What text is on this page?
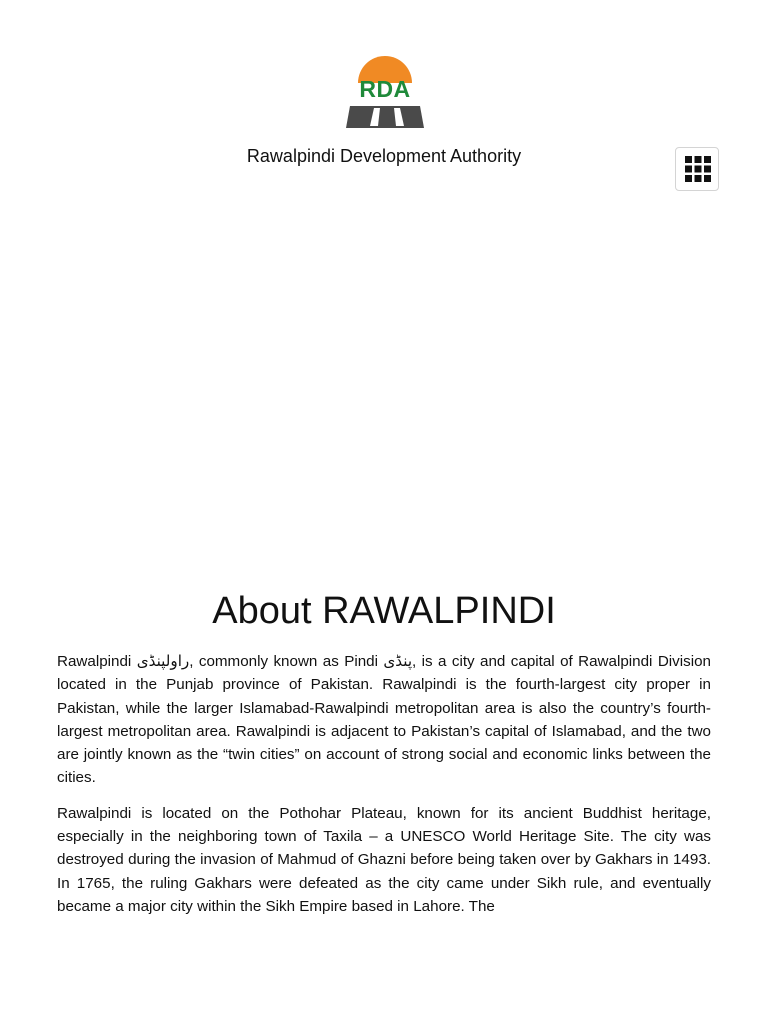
RDA
Rawalpindi Development Authority
About RAWALPINDI

Rawalpindi راولپنڈی, commonly known as Pindi پنڈی, is a city and capital of Rawalpindi Division located in the Punjab province of Pakistan. Rawalpindi is the fourth-largest city proper in Pakistan, while the larger Islamabad-Rawalpindi metropolitan area is also the country’s fourth-largest metropolitan area. Rawalpindi is adjacent to Pakistan’s capital of Islamabad, and the two are jointly known as the “twin cities” on account of strong social and economic links between the cities.

Rawalpindi is located on the Pothohar Plateau, known for its ancient Buddhist heritage, especially in the neighboring town of Taxila – a UNESCO World Heritage Site. The city was destroyed during the invasion of Mahmud of Ghazni before being taken over by Gakhars in 1493. In 1765, the ruling Gakhars were defeated as the city came under Sikh rule, and eventually became a major city within the Sikh Empire based in Lahore. The
